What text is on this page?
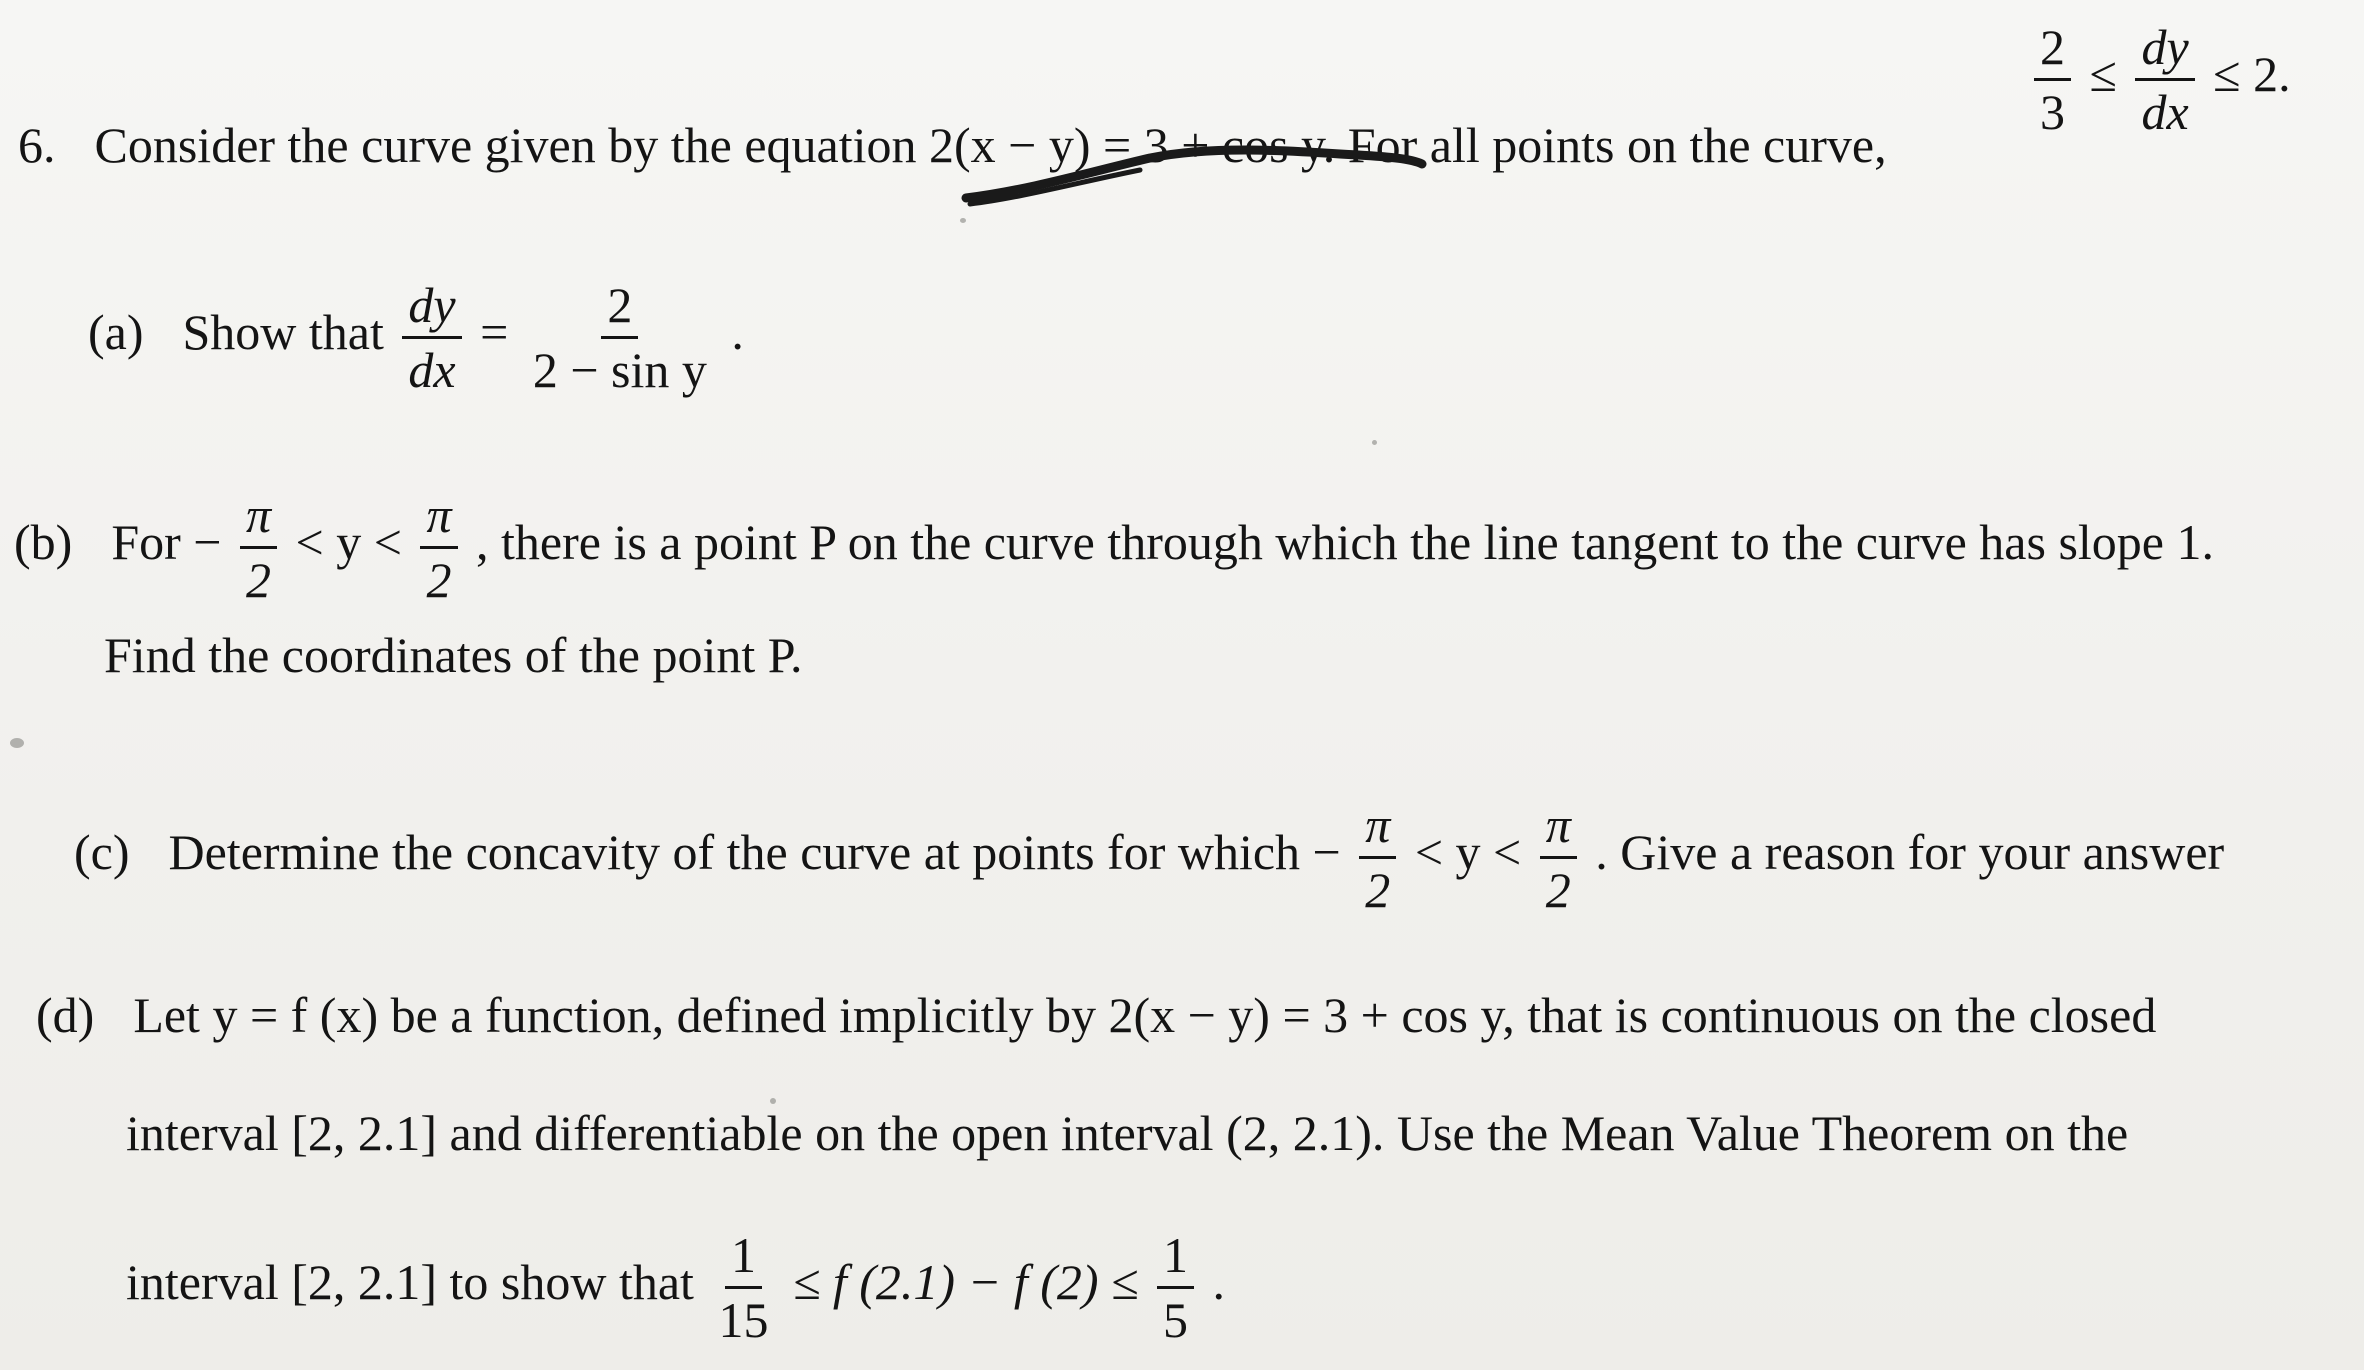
6. Consider the curve given by the equation 2(x − y) = 3 + cos y. For all points on the curve,
$\frac{2}{3} \le \frac{dy}{dx} \le 2$.
(a) Show that $\frac{dy}{dx} = \frac{2}{\text{2 − sin y}}$ .
(b) For − $\frac{\pi}{2} < y < \frac{\pi}{2}$ , there is a point P on the curve through which the line tangent to the curve has slope 1.
Find the coordinates of the point P.
(c) Determine the concavity of the curve at points for which − $\frac{\pi}{2} < y < \frac{\pi}{2}$ . Give a reason for your answer
(d) Let y = f (x) be a function, defined implicitly by 2(x − y) = 3 + cos y, that is continuous on the closed
interval [2, 2.1] and differentiable on the open interval (2, 2.1). Use the Mean Value Theorem on the
interval [2, 2.1] to show that $\frac{1}{15} \le f$ (2.1) − f $(2) \le \frac{1}{5}$ .
